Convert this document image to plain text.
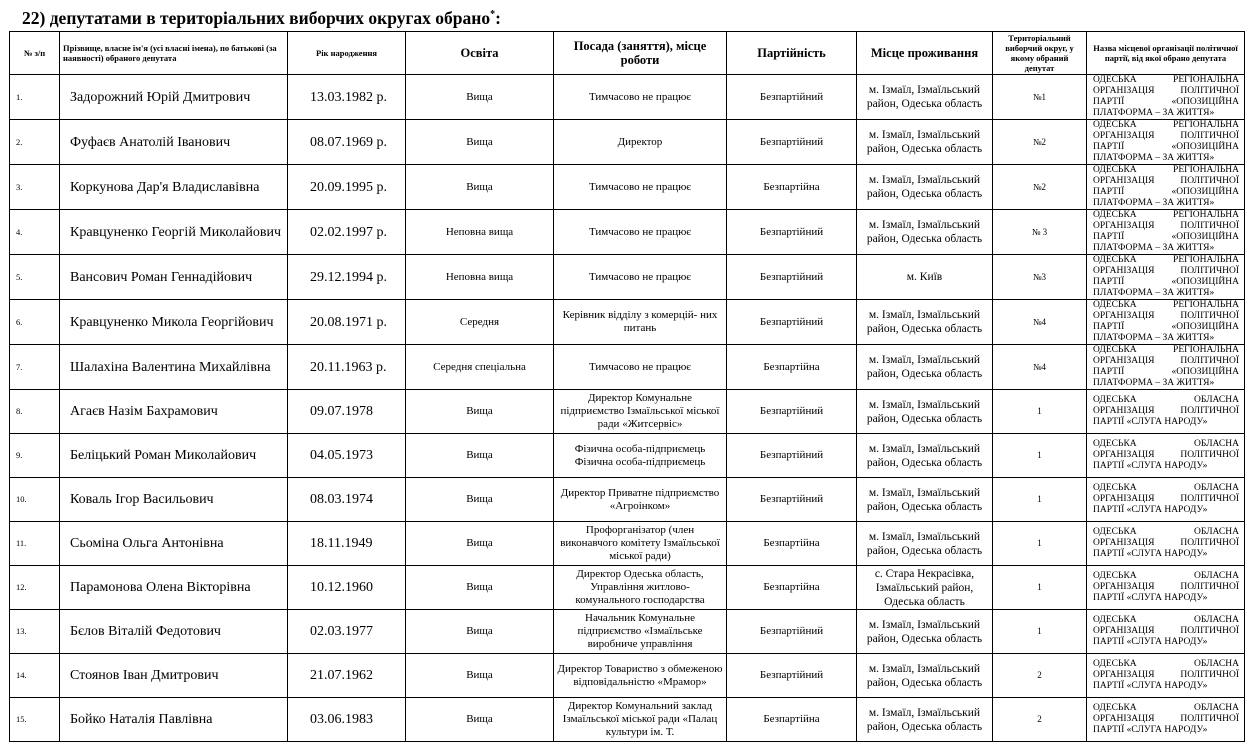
22) депутатами в територіальних виборчих округах обрано*:
№ з/п	Прізвище, власне ім'я (усі власні імена), по батькові (за наявності) обраного депутата	Рік народження	Освіта	Посада (заняття), місце роботи	Партійність	Місце проживання	Територіальний виборчий округ, у якому обраний депутат	Назва місцевої організації політичної партії, від якої обрано депутата
1.	Задорожний Юрій Дмитрович	13.03.1982 р.	Вища	Тимчасово не працює	Безпартійний	м. Ізмаїл, Ізмаїльський район, Одеська область	№1	ОДЕСЬКА РЕГІОНАЛЬНА ОРГАНІЗАЦІЯ ПОЛІТИЧНОЇ ПАРТІЇ «ОПОЗИЦІЙНА ПЛАТФОРМА – ЗА ЖИТТЯ»
2.	Фуфаєв Анатолій Іванович	08.07.1969 р.	Вища	Директор	Безпартійний	м. Ізмаїл, Ізмаїльський район, Одеська область	№2	ОДЕСЬКА РЕГІОНАЛЬНА ОРГАНІЗАЦІЯ ПОЛІТИЧНОЇ ПАРТІЇ «ОПОЗИЦІЙНА ПЛАТФОРМА – ЗА ЖИТТЯ»
3.	Коркунова Дар'я Владиславівна	20.09.1995 р.	Вища	Тимчасово не працює	Безпартійна	м. Ізмаїл, Ізмаїльський район, Одеська область	№2	ОДЕСЬКА РЕГІОНАЛЬНА ОРГАНІЗАЦІЯ ПОЛІТИЧНОЇ ПАРТІЇ «ОПОЗИЦІЙНА ПЛАТФОРМА – ЗА ЖИТТЯ»
4.	Кравцуненко Георгій Миколайович	02.02.1997 р.	Неповна вища	Тимчасово не працює	Безпартійний	м. Ізмаїл, Ізмаїльський район, Одеська область	№ 3	ОДЕСЬКА РЕГІОНАЛЬНА ОРГАНІЗАЦІЯ ПОЛІТИЧНОЇ ПАРТІЇ «ОПОЗИЦІЙНА ПЛАТФОРМА – ЗА ЖИТТЯ»
5.	Вансович Роман Геннадійович	29.12.1994 р.	Неповна вища	Тимчасово не працює	Безпартійний	м. Київ	№3	ОДЕСЬКА РЕГІОНАЛЬНА ОРГАНІЗАЦІЯ ПОЛІТИЧНОЇ ПАРТІЇ «ОПОЗИЦІЙНА ПЛАТФОРМА – ЗА ЖИТТЯ»
6.	Кравцуненко Микола Георгійович	20.08.1971 р.	Середня	Керівник відділу з комерцій- них питань	Безпартійний	м. Ізмаїл, Ізмаїльський район, Одеська область	№4	ОДЕСЬКА РЕГІОНАЛЬНА ОРГАНІЗАЦІЯ ПОЛІТИЧНОЇ ПАРТІЇ «ОПОЗИЦІЙНА ПЛАТФОРМА – ЗА ЖИТТЯ»
7.	Шалахіна Валентина Михайлівна	20.11.1963 р.	Середня спеціальна	Тимчасово не працює	Безпартійна	м. Ізмаїл, Ізмаїльський район, Одеська область	№4	ОДЕСЬКА РЕГІОНАЛЬНА ОРГАНІЗАЦІЯ ПОЛІТИЧНОЇ ПАРТІЇ «ОПОЗИЦІЙНА ПЛАТФОРМА – ЗА ЖИТТЯ»
8.	Агаєв Назім Бахрамович	09.07.1978	Вища	Директор Комунальне підприємство Ізмаїльської міської ради «Житсервіс»	Безпартійний	м. Ізмаїл, Ізмаїльський район, Одеська область	1	ОДЕСЬКА ОБЛАСНА ОРГАНІЗАЦІЯ ПОЛІТИЧНОЇ ПАРТІЇ «СЛУГА НАРОДУ»
9.	Беліцький Роман Миколайович	04.05.1973	Вища	Фізична особа-підприємець Фізична особа-підприємець	Безпартійний	м. Ізмаїл, Ізмаїльський район, Одеська область	1	ОДЕСЬКА ОБЛАСНА ОРГАНІЗАЦІЯ ПОЛІТИЧНОЇ ПАРТІЇ «СЛУГА НАРОДУ»
10.	Коваль Ігор Васильович	08.03.1974	Вища	Директор Приватне підприємство «Агроінком»	Безпартійний	м. Ізмаїл, Ізмаїльський район, Одеська область	1	ОДЕСЬКА ОБЛАСНА ОРГАНІЗАЦІЯ ПОЛІТИЧНОЇ ПАРТІЇ «СЛУГА НАРОДУ»
11.	Сьоміна Ольга Антонівна	18.11.1949	Вища	Профорганізатор (член виконавчого комітету Ізмаїльської міської ради)	Безпартійна	м. Ізмаїл, Ізмаїльський район, Одеська область	1	ОДЕСЬКА ОБЛАСНА ОРГАНІЗАЦІЯ ПОЛІТИЧНОЇ ПАРТІЇ «СЛУГА НАРОДУ»
12.	Парамонова Олена Вікторівна	10.12.1960	Вища	Директор Одеська область, Управління житлово- комунального господарства	Безпартійна	с. Стара Некрасівка, Ізмаїльський район, Одеська область	1	ОДЕСЬКА ОБЛАСНА ОРГАНІЗАЦІЯ ПОЛІТИЧНОЇ ПАРТІЇ «СЛУГА НАРОДУ»
13.	Бєлов Віталій Федотович	02.03.1977	Вища	Начальник Комунальне підприємство «Ізмаїльське виробниче управління	Безпартійний	м. Ізмаїл, Ізмаїльський район, Одеська область	1	ОДЕСЬКА ОБЛАСНА ОРГАНІЗАЦІЯ ПОЛІТИЧНОЇ ПАРТІЇ «СЛУГА НАРОДУ»
14.	Стоянов Іван Дмитрович	21.07.1962	Вища	Директор Товариство з обмеженою відповідальністю «Мрамор»	Безпартійний	м. Ізмаїл, Ізмаїльський район, Одеська область	2	ОДЕСЬКА ОБЛАСНА ОРГАНІЗАЦІЯ ПОЛІТИЧНОЇ ПАРТІЇ «СЛУГА НАРОДУ»
15.	Бойко Наталія Павлівна	03.06.1983	Вища	Директор Комунальний заклад Ізмаїльської міської ради «Палац культури ім. Т.	Безпартійна	м. Ізмаїл, Ізмаїльський район, Одеська область	2	ОДЕСЬКА ОБЛАСНА ОРГАНІЗАЦІЯ ПОЛІТИЧНОЇ ПАРТІЇ «СЛУГА НАРОДУ»
